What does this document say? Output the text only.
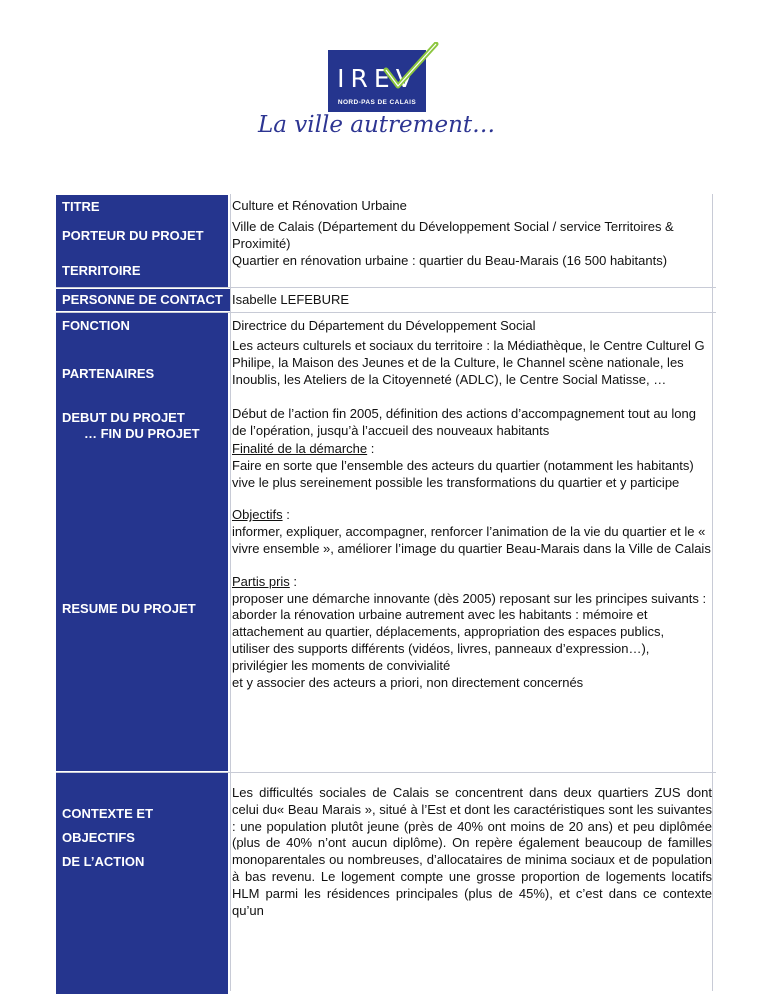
IREV
NORD-PAS DE CALAIS
La ville autrement…
TITRE
PORTEUR DU PROJET
TERRITOIRE
PERSONNE DE CONTACT
FONCTION
PARTENAIRES
DEBUT DU PROJET
… FIN DU PROJET
RESUME DU PROJET
CONTEXTE ET
OBJECTIFS
DE L’ACTION
Culture et Rénovation Urbaine
Ville de Calais (Département du Développement Social / service Territoires & Proximité)
Quartier en rénovation urbaine : quartier du Beau-Marais (16 500 habitants)
Isabelle LEFEBURE
Directrice du Département du Développement Social
Les acteurs culturels et sociaux du territoire : la Médiathèque, le Centre Culturel G Philipe, la Maison des Jeunes et de la Culture, le Channel scène nationale, les Inoublis, les Ateliers de la Citoyenneté (ADLC), le Centre Social Matisse, …
Début de l’action fin 2005, définition des actions d’accompagnement tout au long de l’opération, jusqu’à l’accueil des nouveaux habitants

Finalité de la démarche :

Faire en sorte que l’ensemble des acteurs du quartier (notamment les habitants) vive le plus sereinement possible les transformations du quartier et y participe

Objectifs :

informer, expliquer, accompagner, renforcer l’animation de la vie du quartier et le « vivre ensemble », améliorer l’image du quartier Beau-Marais dans la Ville de Calais

Partis pris :

proposer une démarche innovante (dès 2005) reposant sur les principes suivants :

aborder la rénovation urbaine autrement avec les habitants : mémoire et attachement au quartier, déplacements, appropriation des espaces publics,

utiliser des supports différents (vidéos, livres, panneaux d’expression…),

privilégier les moments de convivialité

et y associer des acteurs a priori, non directement concernés

Les difficultés sociales de Calais se concentrent dans deux quartiers ZUS dont celui du« Beau Marais », situé à l’Est et dont les caractéristiques sont les suivantes : une population plutôt jeune (près de 40% ont moins de 20 ans) et peu diplômée (plus de 40% n’ont aucun diplôme). On repère également beaucoup de familles monoparentales ou nombreuses, d’allocataires de minima sociaux et de population à bas revenu. Le logement compte une grosse proportion de logements locatifs HLM parmi les résidences principales (plus de 45%), et c’est dans ce contexte qu’un
